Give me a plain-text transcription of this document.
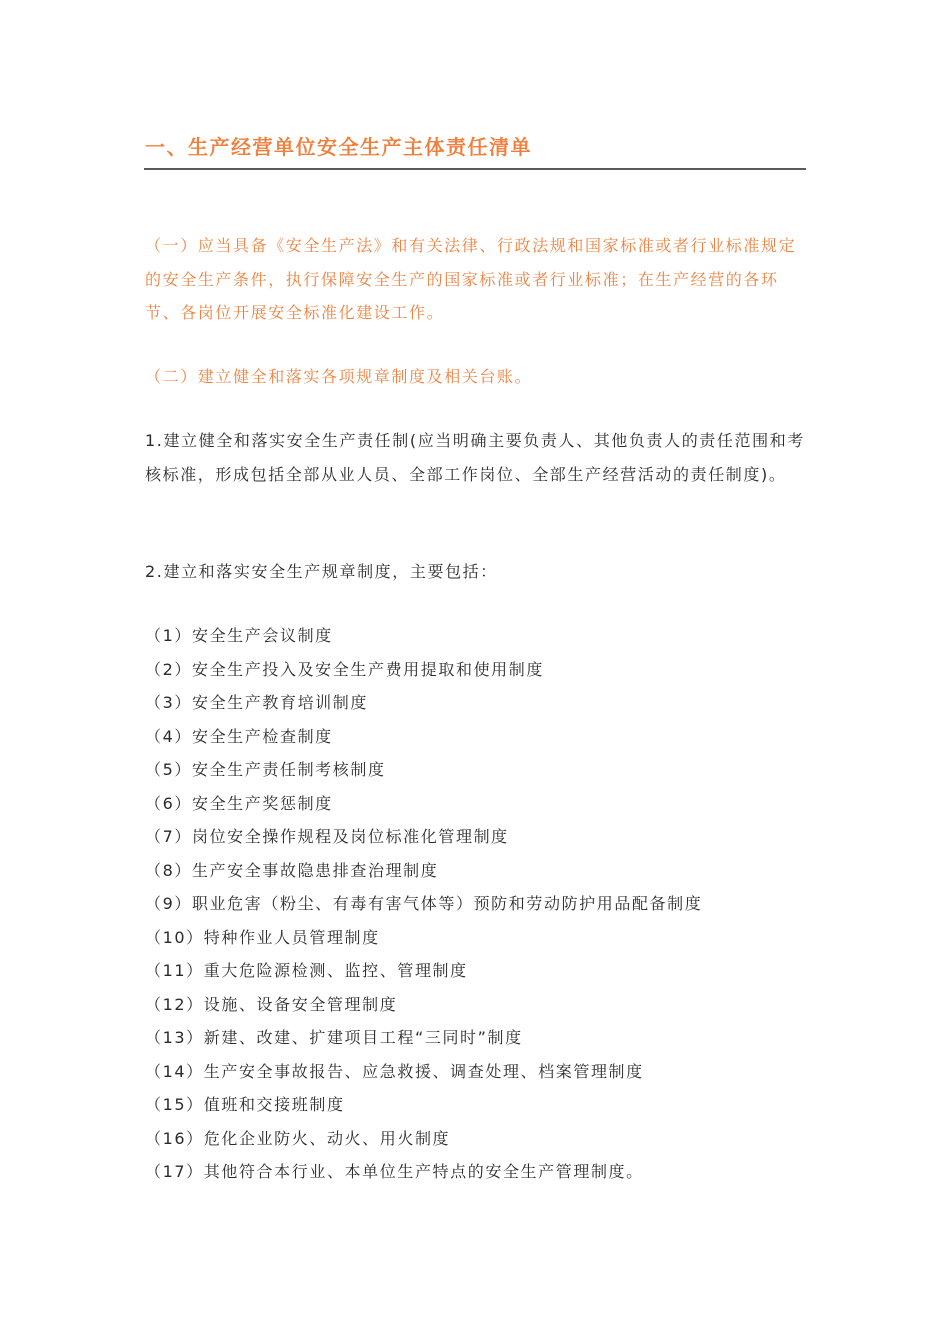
一、生产经营单位安全生产主体责任清单

（一）应当具备《安全生产法》和有关法律、行政法规和国家标准或者行业标准规定的安全生产条件，执行保障安全生产的国家标准或者行业标准；在生产经营的各环节、各岗位开展安全标准化建设工作。

（二）建立健全和落实各项规章制度及相关台账。

1.建立健全和落实安全生产责任制(应当明确主要负责人、其他负责人的责任范围和考核标准，形成包括全部从业人员、全部工作岗位、全部生产经营活动的责任制度)。

2.建立和落实安全生产规章制度，主要包括：

（1）安全生产会议制度
（2）安全生产投入及安全生产费用提取和使用制度
（3）安全生产教育培训制度
（4）安全生产检查制度
（5）安全生产责任制考核制度
（6）安全生产奖惩制度
（7）岗位安全操作规程及岗位标准化管理制度
（8）生产安全事故隐患排查治理制度
（9）职业危害（粉尘、有毒有害气体等）预防和劳动防护用品配备制度
（10）特种作业人员管理制度
（11）重大危险源检测、监控、管理制度
（12）设施、设备安全管理制度
（13）新建、改建、扩建项目工程“三同时”制度
（14）生产安全事故报告、应急救援、调查处理、档案管理制度
（15）值班和交接班制度
（16）危化企业防火、动火、用火制度
（17）其他符合本行业、本单位生产特点的安全生产管理制度。
